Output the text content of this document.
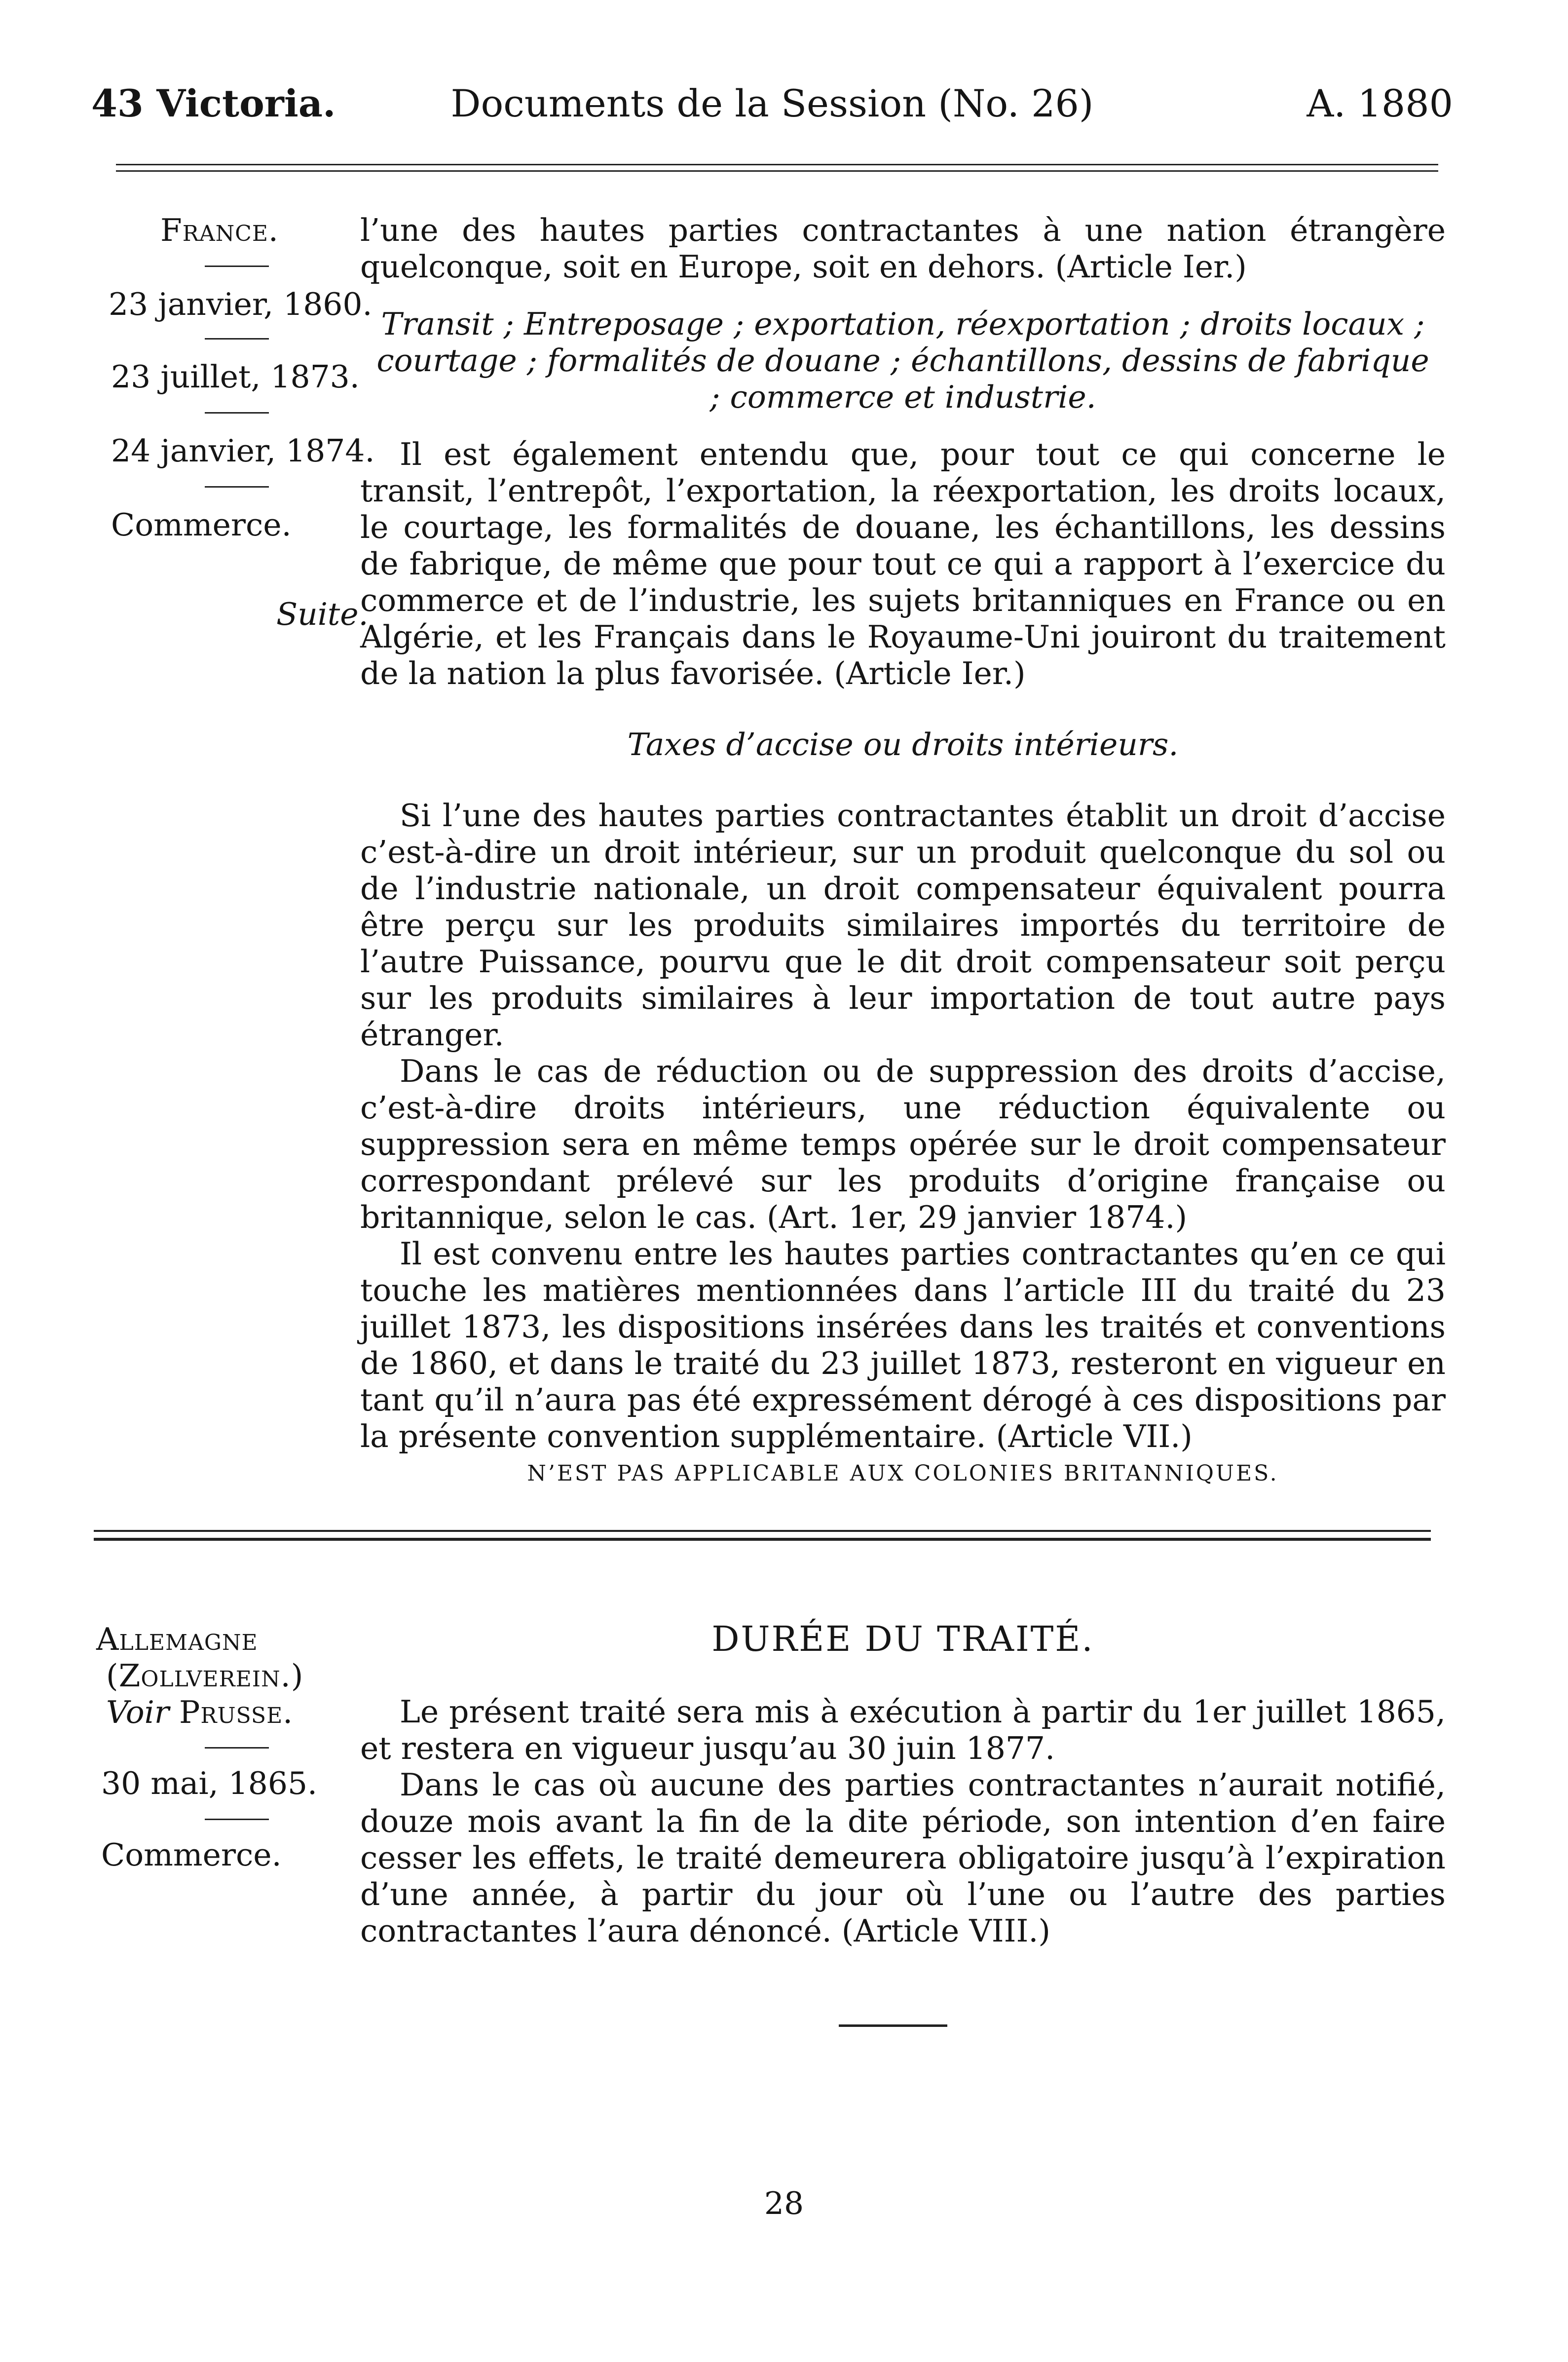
43 Victoria.	Documents de la Session (No. 26)	A. 1880
France.
23 janvier, 1860.
23 juillet, 1873.
24 janvier, 1874.
Commerce.
Suite.

l’une des hautes parties contractantes à une nation étrangère quelconque, soit en Europe, soit en dehors. (Article Ier.)

Transit ; Entreposage ; exportation, réexportation ; droits locaux ; courtage ; formalités de douane ; échantillons, dessins de fabrique ; commerce et industrie.

Il est également entendu que, pour tout ce qui concerne le transit, l’entrepôt, l’exportation, la réexportation, les droits locaux, le courtage, les formalités de douane, les échantillons, les dessins de fabrique, de même que pour tout ce qui a rapport à l’exercice du commerce et de l’industrie, les sujets britanniques en France ou en Algérie, et les Français dans le Royaume-Uni jouiront du traitement de la nation la plus favorisée. (Article Ier.)

Taxes d’accise ou droits intérieurs.

Si l’une des hautes parties contractantes établit un droit d’accise c’est-à-dire un droit intérieur, sur un produit quelconque du sol ou de l’industrie nationale, un droit compensateur équivalent pourra être perçu sur les produits similaires importés du territoire de l’autre Puissance, pourvu que le dit droit compensateur soit perçu sur les produits similaires à leur importation de tout autre pays étranger.

Dans le cas de réduction ou de suppression des droits d’accise, c’est-à-dire droits intérieurs, une réduction équivalente ou suppression sera en même temps opérée sur le droit compensateur correspondant prélevé sur les produits d’origine française ou britannique, selon le cas. (Art. 1er, 29 janvier 1874.)

Il est convenu entre les hautes parties contractantes qu’en ce qui touche les matières mentionnées dans l’article III du traité du 23 juillet 1873, les dispositions insérées dans les traités et conventions de 1860, et dans le traité du 23 juillet 1873, resteront en vigueur en tant qu’il n’aura pas été expressément dérogé à ces dispositions par la présente convention supplémentaire. (Article VII.)

N’EST PAS APPLICABLE AUX COLONIES BRITANNIQUES.
Allemagne
(Zollverein.)
Voir Prusse.
30 mai, 1865.
Commerce.
DURÉE DU TRAITÉ.

Le présent traité sera mis à exécution à partir du 1er juillet 1865, et restera en vigueur jusqu’au 30 juin 1877.

Dans le cas où aucune des parties contractantes n’aurait notifié, douze mois avant la fin de la dite période, son intention d’en faire cesser les effets, le traité demeurera obligatoire jusqu’à l’expiration d’une année, à partir du jour où l’une ou l’autre des parties contractantes l’aura dénoncé. (Article VIII.)

28
